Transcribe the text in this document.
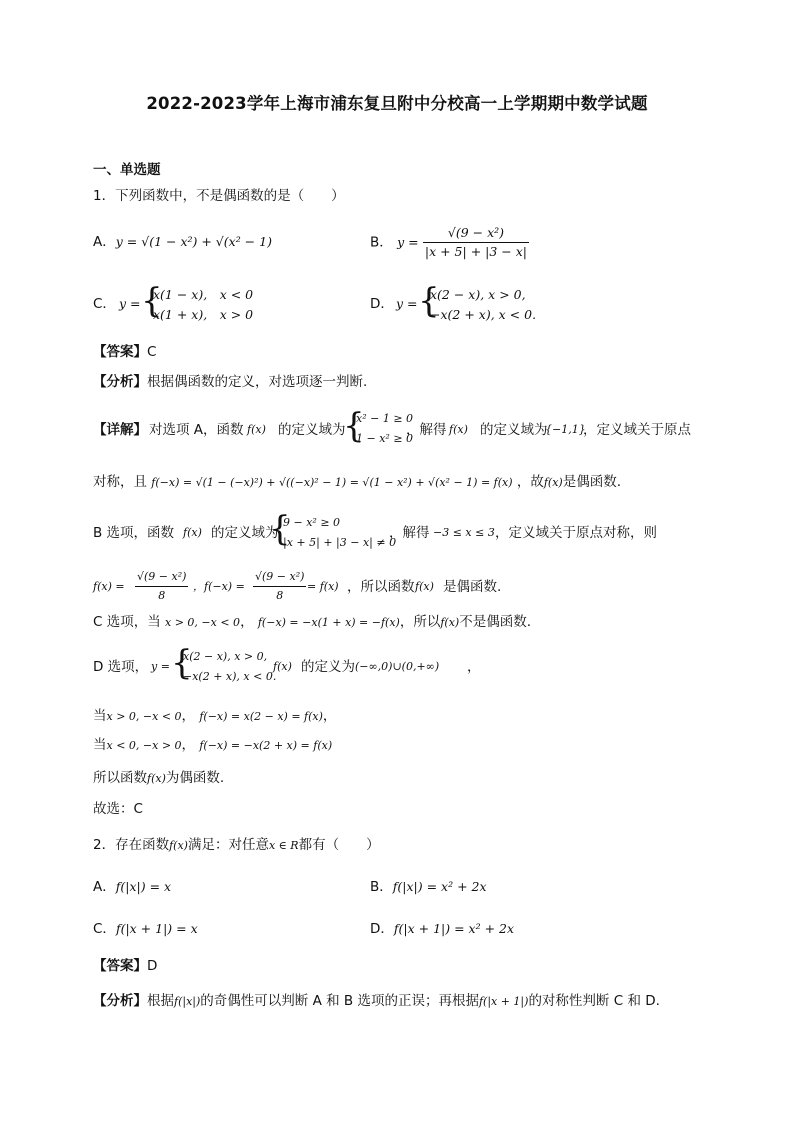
2022-2023学年上海市浦东复旦附中分校高一上学期期中数学试题
一、单选题
1．下列函数中，不是偶函数的是（　　）
A．y = √(1 − x²) + √(x² − 1)	B． $y = \frac{\text{√(9 − x²)}}{|x + 5| + |3 - x|}$
C． y = {
x(1 − x),　x < 0
x(1 + x),　x > 0
D． y = {
x(2 − x), x > 0,
−x(2 + x), x < 0.
【答案】C
【分析】根据偶函数的定义，对选项逐一判断.
【详解】 对选项 A，函数 f(x) 的定义域为
{
x² − 1 ≥ 0
1 − x² ≥ 0
，解得 f(x) 的定义域为
{−1,1}
，定义域关于原点
对称，且 f(−x) = √(1 − (−x)²) + √((−x)² − 1) = √(1 − x²) + √(x² − 1) = f(x) ，故f(x)是偶函数.
B 选项，函数 f(x) 的定义域为
{
9 − x² ≥ 0
|x + 5| + |3 − x| ≠ 0
，解得 −3 ≤ x ≤ 3 ，定义域关于原点对称，则
$f(x) = \frac{\text{√(9 − x²)}}{8}$ ，$f(-x) = \frac{\text{√(9 − x²)}}{8} = f(x)$ ，所以函数 f(x) 是偶函数.
C 选项，当 x > 0, −x < 0， f(−x) = −x(1 + x) = −f(x)，所以f(x)不是偶函数.
D 选项， y = {
x(2 − x), x > 0,
−x(2 + x), x < 0.
f(x) 的定义为 (−∞,0)∪(0,+∞) ，
当x > 0, −x < 0， f(−x) = x(2 − x) = f(x)，
当x < 0, −x > 0， f(−x) = −x(2 + x) = f(x)
所以函数f(x)为偶函数.
故选：C
2．存在函数f(x)满足：对任意x ∈ R都有（　　）
A．f(|x|) = x	B．f(|x|) = x² + 2x
C．f(|x + 1|) = x	D．f(|x + 1|) = x² + 2x
【答案】D
【分析】根据f(|x|)的奇偶性可以判断 A 和 B 选项的正误；再根据f(|x + 1|)的对称性判断 C 和 D.
